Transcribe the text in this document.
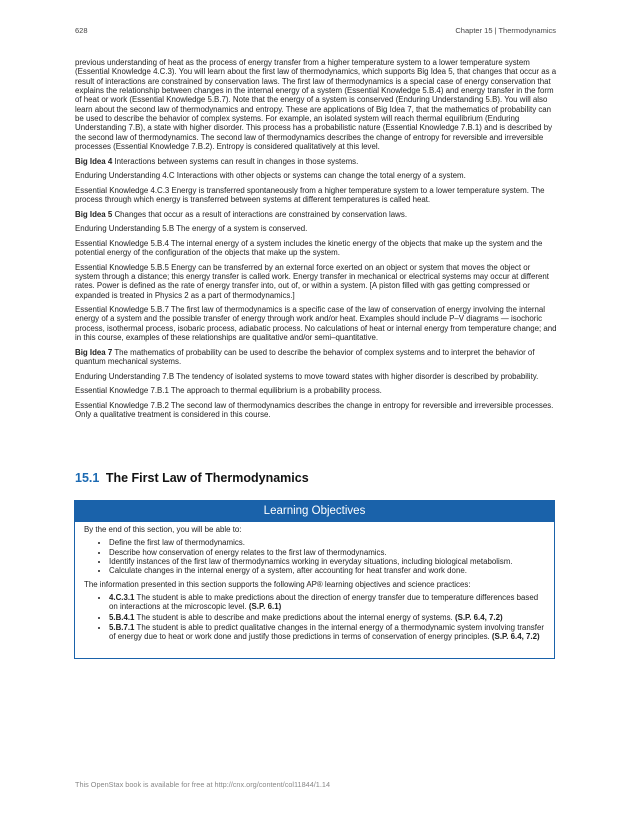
628	Chapter 15 | Thermodynamics

previous understanding of heat as the process of energy transfer from a higher temperature system to a lower temperature system (Essential Knowledge 4.C.3). You will learn about the first law of thermodynamics, which supports Big Idea 5, that changes that occur as a result of interactions are constrained by conservation laws. The first law of thermodynamics is a special case of energy conservation that explains the relationship between changes in the internal energy of a system (Essential Knowledge 5.B.4) and energy transfer in the form of heat or work (Essential Knowledge 5.B.7). Note that the energy of a system is conserved (Enduring Understanding 5.B). You will also learn about the second law of thermodynamics and entropy. These are applications of Big Idea 7, that the mathematics of probability can be used to describe the behavior of complex systems. For example, an isolated system will reach thermal equilibrium (Enduring Understanding 7.B), a state with higher disorder. This process has a probabilistic nature (Essential Knowledge 7.B.1) and is described by the second law of thermodynamics. The second law of thermodynamics describes the change of entropy for reversible and irreversible processes (Essential Knowledge 7.B.2). Entropy is considered qualitatively at this level.

Big Idea 4 Interactions between systems can result in changes in those systems.

Enduring Understanding 4.C Interactions with other objects or systems can change the total energy of a system.

Essential Knowledge 4.C.3 Energy is transferred spontaneously from a higher temperature system to a lower temperature system. The process through which energy is transferred between systems at different temperatures is called heat.

Big Idea 5 Changes that occur as a result of interactions are constrained by conservation laws.

Enduring Understanding 5.B The energy of a system is conserved.

Essential Knowledge 5.B.4 The internal energy of a system includes the kinetic energy of the objects that make up the system and the potential energy of the configuration of the objects that make up the system.

Essential Knowledge 5.B.5 Energy can be transferred by an external force exerted on an object or system that moves the object or system through a distance; this energy transfer is called work. Energy transfer in mechanical or electrical systems may occur at different rates. Power is defined as the rate of energy transfer into, out of, or within a system. [A piston filled with gas getting compressed or expanded is treated in Physics 2 as a part of thermodynamics.]

Essential Knowledge 5.B.7 The first law of thermodynamics is a specific case of the law of conservation of energy involving the internal energy of a system and the possible transfer of energy through work and/or heat. Examples should include P–V diagrams — isochoric process, isothermal process, isobaric process, adiabatic process. No calculations of heat or internal energy from temperature change; and in this course, examples of these relationships are qualitative and/or semi–quantitative.

Big Idea 7 The mathematics of probability can be used to describe the behavior of complex systems and to interpret the behavior of quantum mechanical systems.

Enduring Understanding 7.B The tendency of isolated systems to move toward states with higher disorder is described by probability.

Essential Knowledge 7.B.1 The approach to thermal equilibrium is a probability process.

Essential Knowledge 7.B.2 The second law of thermodynamics describes the change in entropy for reversible and irreversible processes. Only a qualitative treatment is considered in this course.

15.1 The First Law of Thermodynamics
Learning Objectives

By the end of this section, you will be able to:

• Define the first law of thermodynamics.
• Describe how conservation of energy relates to the first law of thermodynamics.
• Identify instances of the first law of thermodynamics working in everyday situations, including biological metabolism.
• Calculate changes in the internal energy of a system, after accounting for heat transfer and work done.

The information presented in this section supports the following AP® learning objectives and science practices:

• 4.C.3.1 The student is able to make predictions about the direction of energy transfer due to temperature differences based on interactions at the microscopic level. (S.P. 6.1)
• 5.B.4.1 The student is able to describe and make predictions about the internal energy of systems. (S.P. 6.4, 7.2)
• 5.B.7.1 The student is able to predict qualitative changes in the internal energy of a thermodynamic system involving transfer of energy due to heat or work done and justify those predictions in terms of conservation of energy principles. (S.P. 6.4, 7.2)
This OpenStax book is available for free at http://cnx.org/content/col11844/1.14
